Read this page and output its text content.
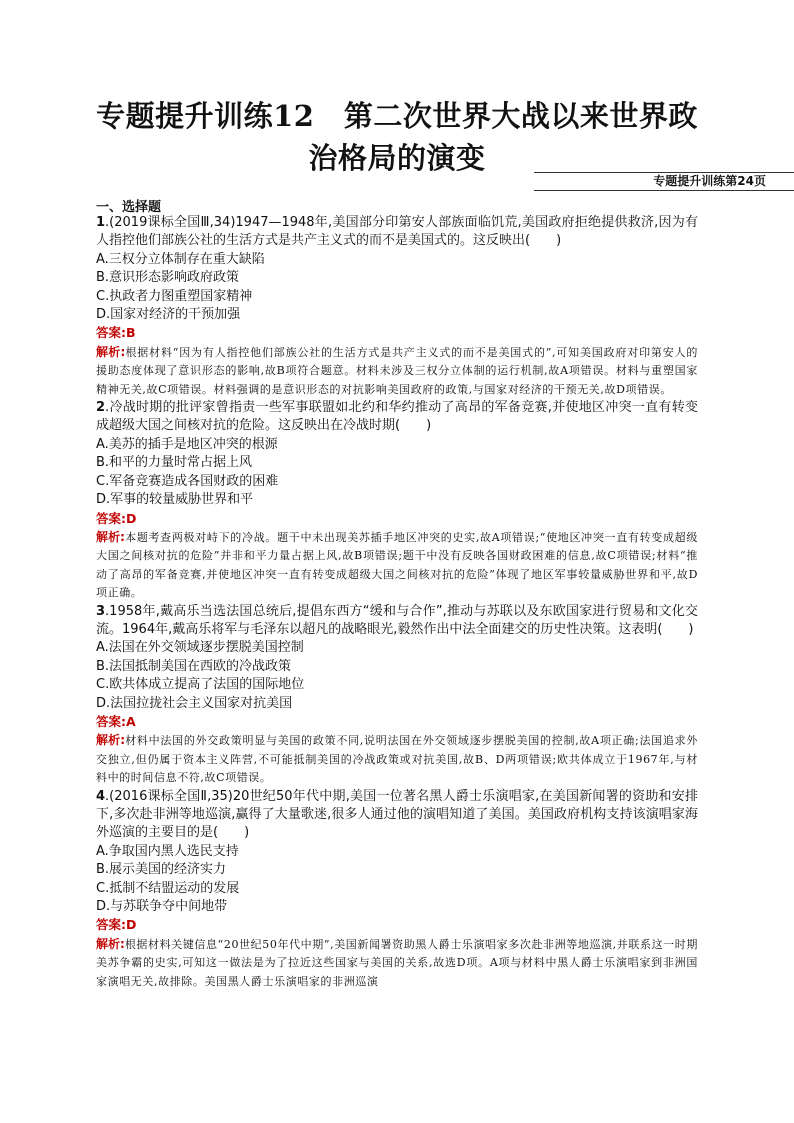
专题提升训练12　第二次世界大战以来世界政
治格局的演变
专题提升训练第24页
一、选择题

1.(2019课标全国Ⅲ,34)1947—1948年,美国部分印第安人部族面临饥荒,美国政府拒绝提供救济,因为有人指控他们部族公社的生活方式是共产主义式的而不是美国式的。这反映出(　　)

A.三权分立体制存在重大缺陷

B.意识形态影响政府政策

C.执政者力图重塑国家精神

D.国家对经济的干预加强

答案:B

解析:根据材料“因为有人指控他们部族公社的生活方式是共产主义式的而不是美国式的”,可知美国政府对印第安人的援助态度体现了意识形态的影响,故B项符合题意。材料未涉及三权分立体制的运行机制,故A项错误。材料与重塑国家精神无关,故C项错误。材料强调的是意识形态的对抗影响美国政府的政策,与国家对经济的干预无关,故D项错误。

2.冷战时期的批评家曾指责一些军事联盟如北约和华约推动了高昂的军备竞赛,并使地区冲突一直有转变成超级大国之间核对抗的危险。这反映出在冷战时期(　　)

A.美苏的插手是地区冲突的根源

B.和平的力量时常占据上风

C.军备竞赛造成各国财政的困难

D.军事的较量威胁世界和平

答案:D

解析:本题考查两极对峙下的冷战。题干中未出现美苏插手地区冲突的史实,故A项错误;“使地区冲突一直有转变成超级大国之间核对抗的危险”并非和平力量占据上风,故B项错误;题干中没有反映各国财政困难的信息,故C项错误;材料“推动了高昂的军备竞赛,并使地区冲突一直有转变成超级大国之间核对抗的危险”体现了地区军事较量威胁世界和平,故D项正确。

3.1958年,戴高乐当选法国总统后,提倡东西方“缓和与合作”,推动与苏联以及东欧国家进行贸易和文化交流。1964年,戴高乐将军与毛泽东以超凡的战略眼光,毅然作出中法全面建交的历史性决策。这表明(　　)

A.法国在外交领域逐步摆脱美国控制

B.法国抵制美国在西欧的冷战政策

C.欧共体成立提高了法国的国际地位

D.法国拉拢社会主义国家对抗美国

答案:A

解析:材料中法国的外交政策明显与美国的政策不同,说明法国在外交领域逐步摆脱美国的控制,故A项正确;法国追求外交独立,但仍属于资本主义阵营,不可能抵制美国的冷战政策或对抗美国,故B、D两项错误;欧共体成立于1967年,与材料中的时间信息不符,故C项错误。

4.(2016课标全国Ⅱ,35)20世纪50年代中期,美国一位著名黑人爵士乐演唱家,在美国新闻署的资助和安排下,多次赴非洲等地巡演,赢得了大量歌迷,很多人通过他的演唱知道了美国。美国政府机构支持该演唱家海外巡演的主要目的是(　　)

A.争取国内黑人选民支持

B.展示美国的经济实力

C.抵制不结盟运动的发展

D.与苏联争夺中间地带

答案:D

解析:根据材料关键信息“20世纪50年代中期”,美国新闻署资助黑人爵士乐演唱家多次赴非洲等地巡演,并联系这一时期美苏争霸的史实,可知这一做法是为了拉近这些国家与美国的关系,故选D项。A项与材料中黑人爵士乐演唱家到非洲国家演唱无关,故排除。美国黑人爵士乐演唱家的非洲巡演
